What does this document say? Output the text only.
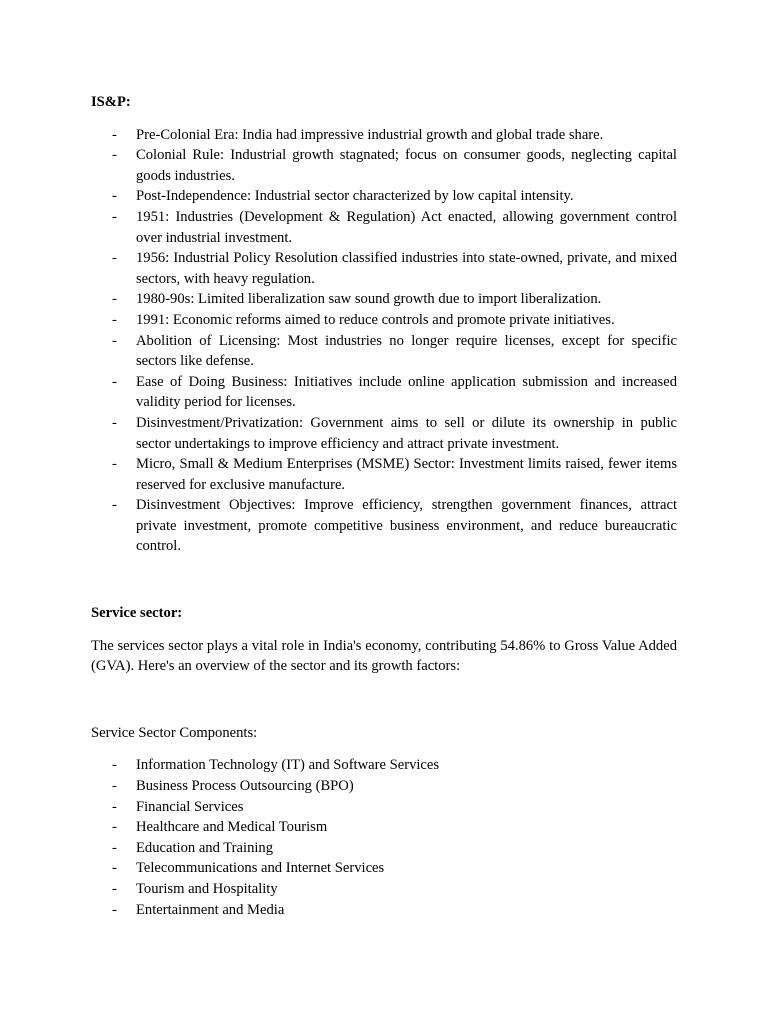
IS&P:
- Pre-Colonial Era: India had impressive industrial growth and global trade share.
- Colonial Rule: Industrial growth stagnated; focus on consumer goods, neglecting capital goods industries.
- Post-Independence: Industrial sector characterized by low capital intensity.
- 1951: Industries (Development & Regulation) Act enacted, allowing government control over industrial investment.
- 1956: Industrial Policy Resolution classified industries into state-owned, private, and mixed sectors, with heavy regulation.
- 1980-90s: Limited liberalization saw sound growth due to import liberalization.
- 1991: Economic reforms aimed to reduce controls and promote private initiatives.
- Abolition of Licensing: Most industries no longer require licenses, except for specific sectors like defense.
- Ease of Doing Business: Initiatives include online application submission and increased validity period for licenses.
- Disinvestment/Privatization: Government aims to sell or dilute its ownership in public sector undertakings to improve efficiency and attract private investment.
- Micro, Small & Medium Enterprises (MSME) Sector: Investment limits raised, fewer items reserved for exclusive manufacture.
- Disinvestment Objectives: Improve efficiency, strengthen government finances, attract private investment, promote competitive business environment, and reduce bureaucratic control.
Service sector:

The services sector plays a vital role in India's economy, contributing 54.86% to Gross Value Added (GVA). Here's an overview of the sector and its growth factors:

Service Sector Components:

- Information Technology (IT) and Software Services
- Business Process Outsourcing (BPO)
- Financial Services
- Healthcare and Medical Tourism
- Education and Training
- Telecommunications and Internet Services
- Tourism and Hospitality
- Entertainment and Media
